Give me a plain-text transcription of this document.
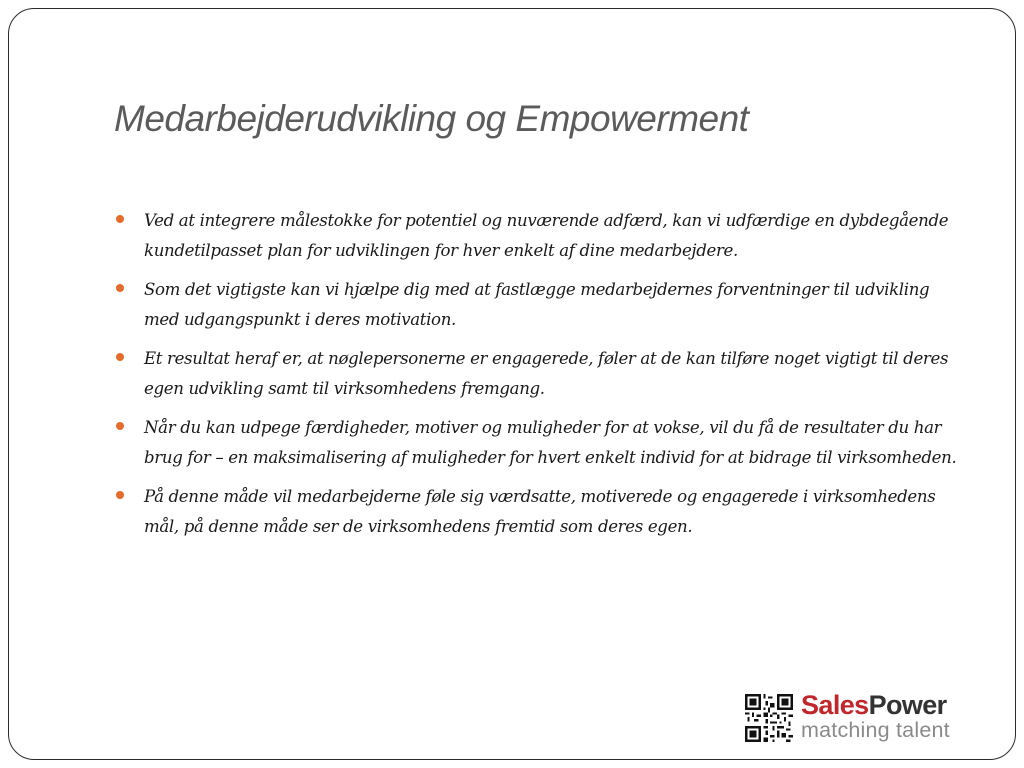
Medarbejderudvikling og Empowerment
Ved at integrere målestokke for potentiel og nuværende adfærd, kan vi udfærdige en dybdegående kundetilpasset plan for udviklingen for hver enkelt af dine medarbejdere.
Som det vigtigste kan vi hjælpe dig med at fastlægge medarbejdernes forventninger til udvikling med udgangspunkt i deres motivation.
Et resultat heraf er, at nøglepersonerne er engagerede, føler at de kan tilføre noget vigtigt til deres egen udvikling samt til virksomhedens fremgang.
Når du kan udpege færdigheder, motiver og muligheder for at vokse, vil du få de resultater du har brug for – en maksimalisering af muligheder for hvert enkelt individ for at bidrage til virksomheden.
På denne måde vil medarbejderne føle sig værdsatte, motiverede og engagerede i virksomhedens mål, på denne måde ser de virksomhedens fremtid som deres egen.
SalesPower
matching talent
